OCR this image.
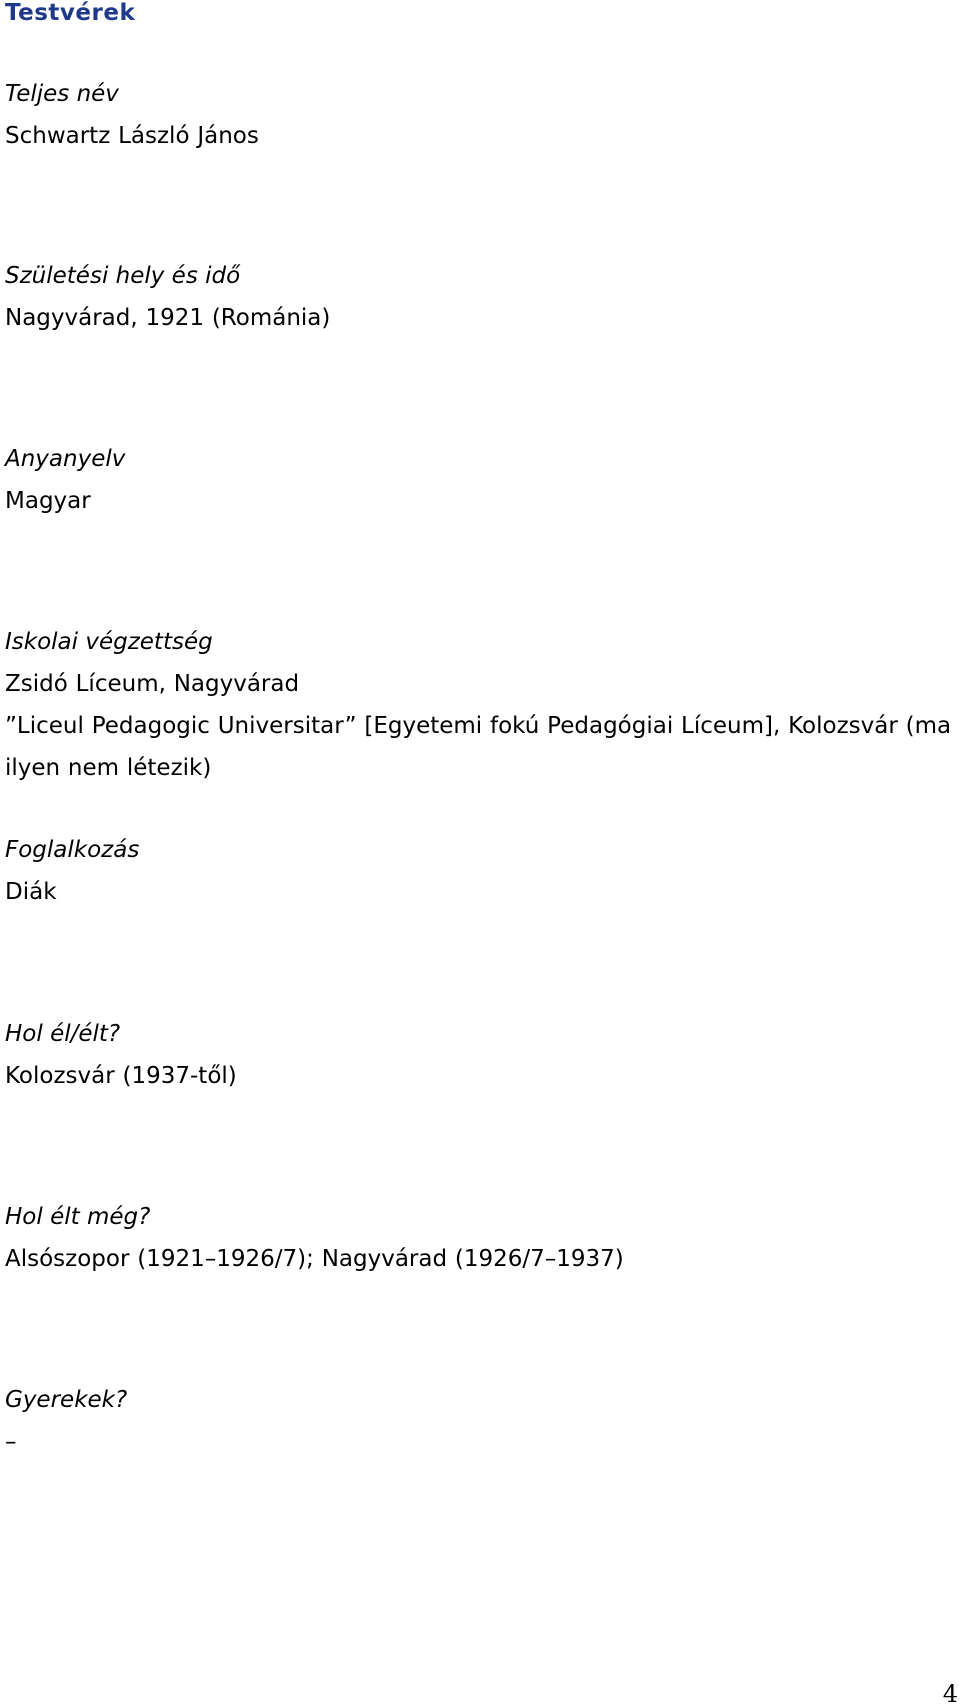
Testvérek
Teljes név
Schwartz László János
Születési hely és idő
Nagyvárad, 1921 (Románia)
Anyanyelv
Magyar
Iskolai végzettség
Zsidó Líceum, Nagyvárad
”Liceul Pedagogic Universitar” [Egyetemi fokú Pedagógiai Líceum], Kolozsvár (ma ilyen nem létezik)
Foglalkozás
Diák
Hol él/élt?
Kolozsvár (1937-től)
Hol élt még?
Alsószopor (1921–1926/7); Nagyvárad (1926/7–1937)
Gyerekek?
–
4
